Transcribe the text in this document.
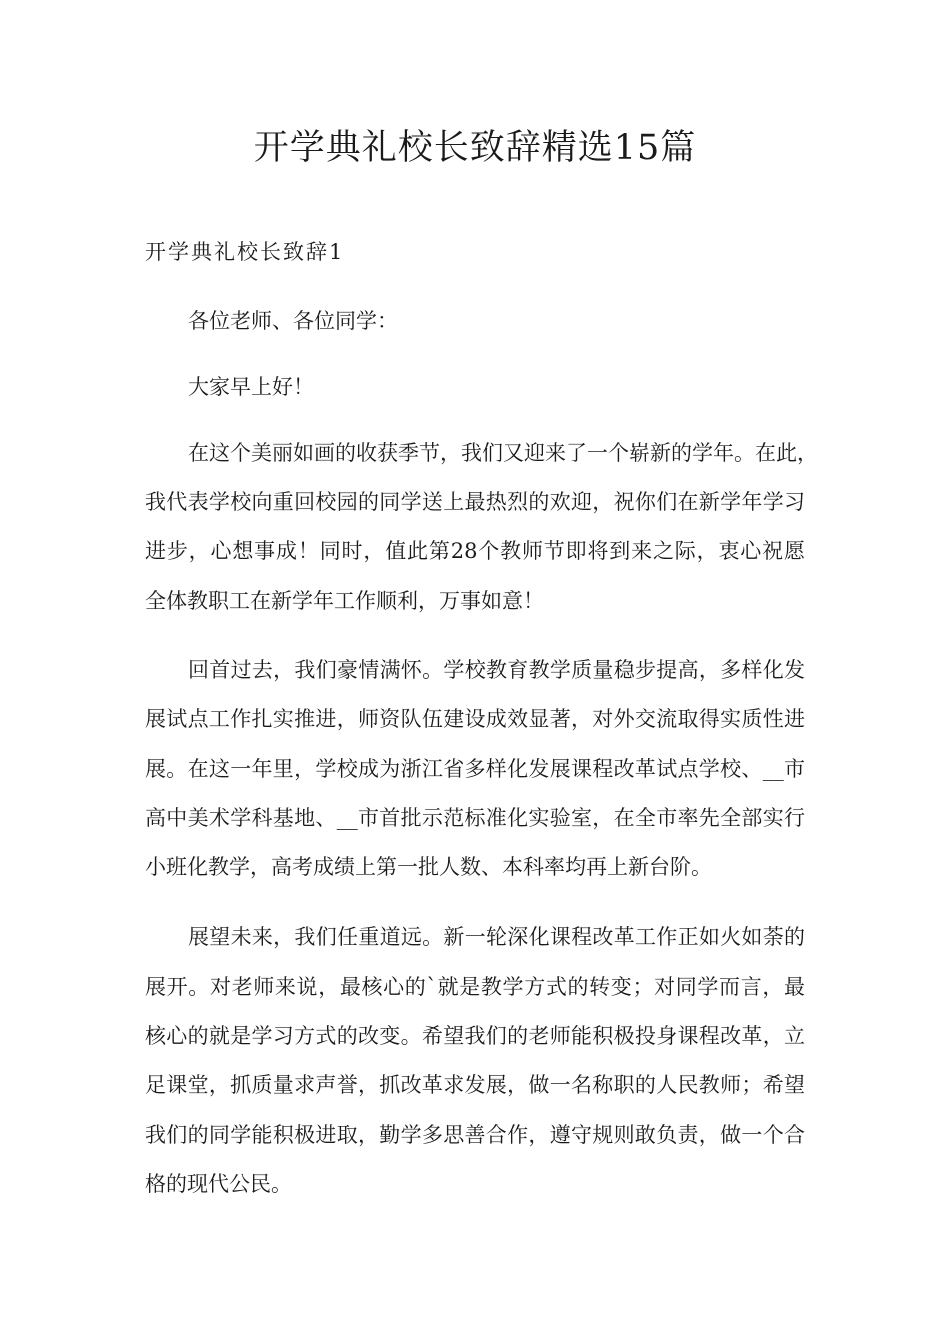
开学典礼校长致辞精选15篇
开学典礼校长致辞1

各位老师、各位同学：

大家早上好！

在这个美丽如画的收获季节，我们又迎来了一个崭新的学年。在此，

我代表学校向重回校园的同学送上最热烈的欢迎，祝你们在新学年学习

进步，心想事成！同时，值此第28个教师节即将到来之际，衷心祝愿

全体教职工在新学年工作顺利，万事如意！

回首过去，我们豪情满怀。学校教育教学质量稳步提高，多样化发

展试点工作扎实推进，师资队伍建设成效显著，对外交流取得实质性进

展。在这一年里，学校成为浙江省多样化发展课程改革试点学校、__市

高中美术学科基地、__市首批示范标准化实验室，在全市率先全部实行

小班化教学，高考成绩上第一批人数、本科率均再上新台阶。

展望未来，我们任重道远。新一轮深化课程改革工作正如火如荼的

展开。对老师来说，最核心的`就是教学方式的转变；对同学而言，最

核心的就是学习方式的改变。希望我们的老师能积极投身课程改革，立

足课堂，抓质量求声誉，抓改革求发展，做一名称职的人民教师；希望

我们的同学能积极进取，勤学多思善合作，遵守规则敢负责，做一个合

格的现代公民。
